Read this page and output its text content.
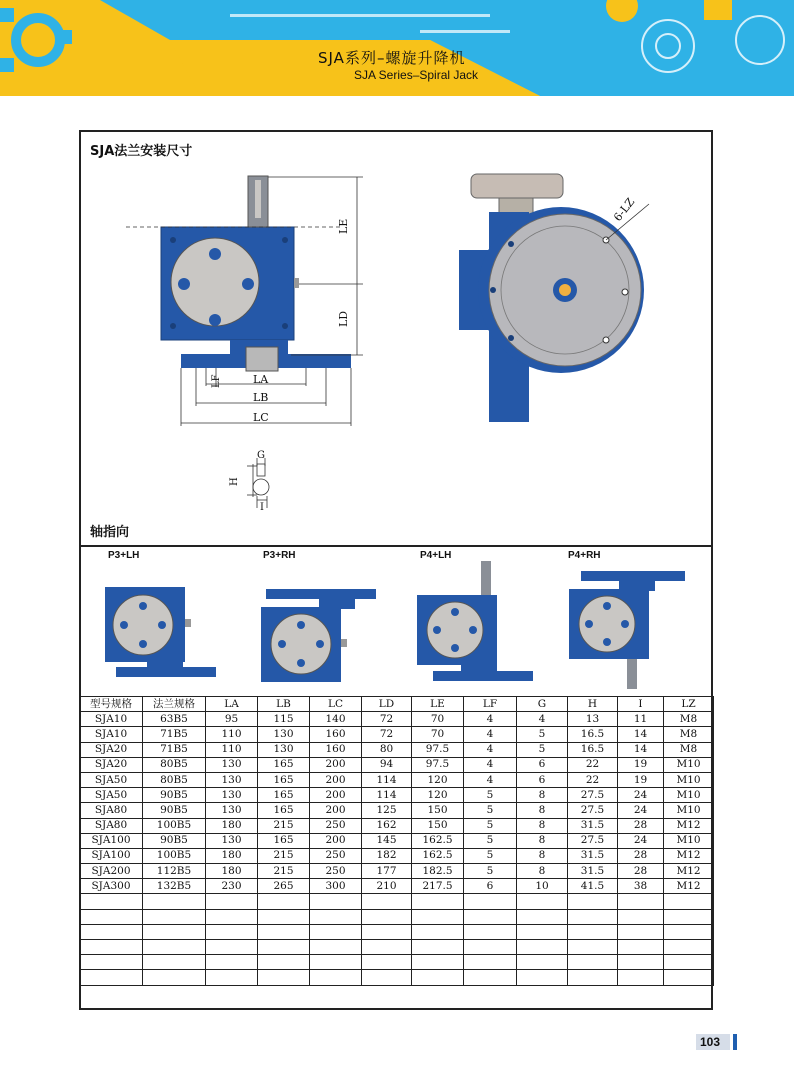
SJA系列–螺旋升降机
SJA Series–Spiral Jack
SJA法兰安装尺寸
LE
LD
LF	LA
LB
LC
G
H
I
6-LZ
轴指向
P3+LH	P3+RH	P4+LH	P4+RH
型号规格	法兰规格	LA	LB	LC	LD	LE	LF	G	H	I	LZ
SJA10	63B5	95	115	140	72	70	4	4	13	11	M8
SJA10	71B5	110	130	160	72	70	4	5	16.5	14	M8
SJA20	71B5	110	130	160	80	97.5	4	5	16.5	14	M8
SJA20	80B5	130	165	200	94	97.5	4	6	22	19	M10
SJA50	80B5	130	165	200	114	120	4	6	22	19	M10
SJA50	90B5	130	165	200	114	120	5	8	27.5	24	M10
SJA80	90B5	130	165	200	125	150	5	8	27.5	24	M10
SJA80	100B5	180	215	250	162	150	5	8	31.5	28	M12
SJA100	90B5	130	165	200	145	162.5	5	8	27.5	24	M10
SJA100	100B5	180	215	250	182	162.5	5	8	31.5	28	M12
SJA200	112B5	180	215	250	177	182.5	5	8	31.5	28	M12
SJA300	132B5	230	265	300	210	217.5	6	10	41.5	38	M12

103
